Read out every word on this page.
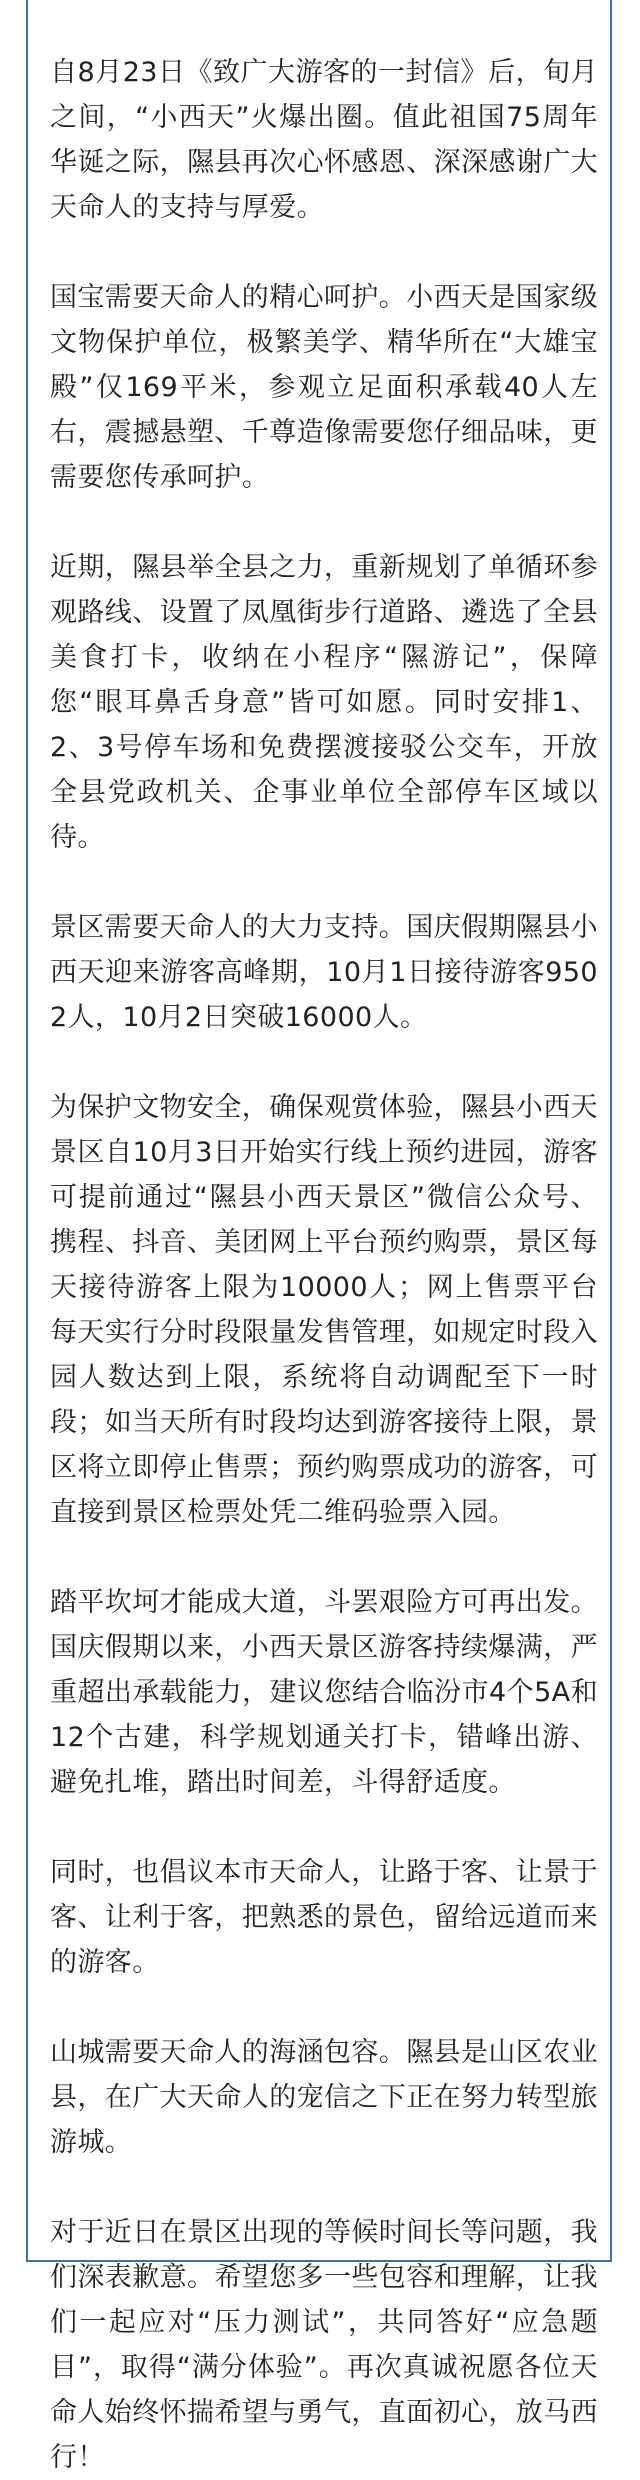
自8月23日《致广大游客的一封信》后，旬月之间，“小西天”火爆出圈。值此祖国75周年华诞之际，隰县再次心怀感恩、深深感谢广大天命人的支持与厚爱。

国宝需要天命人的精心呵护。小西天是国家级文物保护单位，极繁美学、精华所在“大雄宝殿”仅169平米，参观立足面积承载40人左右，震撼悬塑、千尊造像需要您仔细品味，更需要您传承呵护。

近期，隰县举全县之力，重新规划了单循环参观路线、设置了凤凰街步行道路、遴选了全县美食打卡，收纳在小程序“隰游记”，保障您“眼耳鼻舌身意”皆可如愿。同时安排1、2、3号停车场和免费摆渡接驳公交车，开放全县党政机关、企事业单位全部停车区域以待。

景区需要天命人的大力支持。国庆假期隰县小西天迎来游客高峰期，10月1日接待游客9502人，10月2日突破16000人。

为保护文物安全，确保观赏体验，隰县小西天景区自10月3日开始实行线上预约进园，游客可提前通过“隰县小西天景区”微信公众号、携程、抖音、美团网上平台预约购票，景区每天接待游客上限为10000人；网上售票平台每天实行分时段限量发售管理，如规定时段入园人数达到上限，系统将自动调配至下一时段；如当天所有时段均达到游客接待上限，景区将立即停止售票；预约购票成功的游客，可直接到景区检票处凭二维码验票入园。

踏平坎坷才能成大道，斗罢艰险方可再出发。国庆假期以来，小西天景区游客持续爆满，严重超出承载能力，建议您结合临汾市4个5A和12个古建，科学规划通关打卡，错峰出游、避免扎堆，踏出时间差，斗得舒适度。

同时，也倡议本市天命人，让路于客、让景于客、让利于客，把熟悉的景色，留给远道而来的游客。

山城需要天命人的海涵包容。隰县是山区农业县，在广大天命人的宠信之下正在努力转型旅游城。

对于近日在景区出现的等候时间长等问题，我们深表歉意。希望您多一些包容和理解，让我们一起应对“压力测试”，共同答好“应急题目”，取得“满分体验”。再次真诚祝愿各位天命人始终怀揣希望与勇气，直面初心，放马西行！
